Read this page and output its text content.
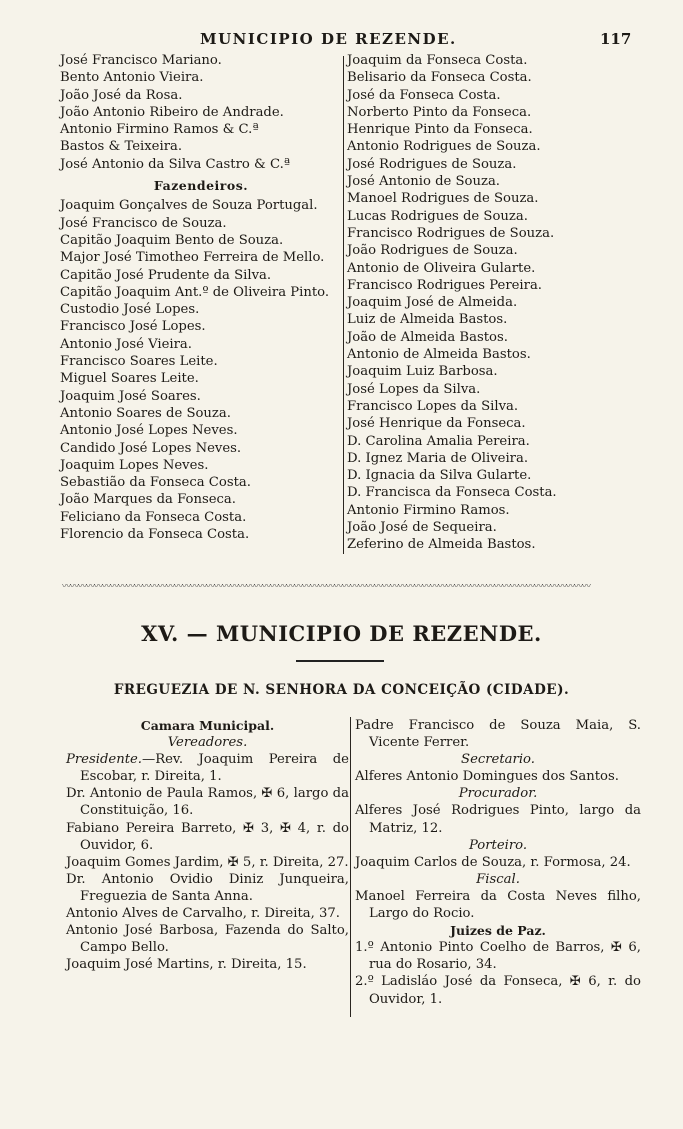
MUNICIPIO DE REZENDE.	117
José Francisco Mariano.
Bento Antonio Vieira.
João José da Rosa.
João Antonio Ribeiro de Andrade.
Antonio Firmino Ramos & C.ª
Bastos & Teixeira.
José Antonio da Silva Castro & C.ª
Fazendeiros.
Joaquim Gonçalves de Souza Portugal.
José Francisco de Souza.
Capitão Joaquim Bento de Souza.
Major José Timotheo Ferreira de Mello.
Capitão José Prudente da Silva.
Capitão Joaquim Ant.º de Oliveira Pinto.
Custodio José Lopes.
Francisco José Lopes.
Antonio José Vieira.
Francisco Soares Leite.
Miguel Soares Leite.
Joaquim José Soares.
Antonio Soares de Souza.
Antonio José Lopes Neves.
Candido José Lopes Neves.
Joaquim Lopes Neves.
Sebastião da Fonseca Costa.
João Marques da Fonseca.
Feliciano da Fonseca Costa.
Florencio da Fonseca Costa.
Joaquim da Fonseca Costa.
Belisario da Fonseca Costa.
José da Fonseca Costa.
Norberto Pinto da Fonseca.
Henrique Pinto da Fonseca.
Antonio Rodrigues de Souza.
José Rodrigues de Souza.
José Antonio de Souza.
Manoel Rodrigues de Souza.
Lucas Rodrigues de Souza.
Francisco Rodrigues de Souza.
João Rodrigues de Souza.
Antonio de Oliveira Gularte.
Francisco Rodrigues Pereira.
Joaquim José de Almeida.
Luiz de Almeida Bastos.
João de Almeida Bastos.
Antonio de Almeida Bastos.
Joaquim Luiz Barbosa.
José Lopes da Silva.
Francisco Lopes da Silva.
José Henrique da Fonseca.
D. Carolina Amalia Pereira.
D. Ignez Maria de Oliveira.
D. Ignacia da Silva Gularte.
D. Francisca da Fonseca Costa.
Antonio Firmino Ramos.
João José de Sequeira.
Zeferino de Almeida Bastos.
〰〰〰〰〰〰〰〰〰〰〰〰〰〰〰〰〰〰〰〰〰〰〰〰〰〰〰〰〰〰〰〰〰〰〰〰〰〰〰〰〰〰〰〰〰〰〰〰〰〰〰〰〰〰〰〰〰〰〰〰〰〰〰〰〰〰
XV. — MUNICIPIO DE REZENDE.
FREGUEZIA DE N. SENHORA DA CONCEIÇÃO (CIDADE).
Camara Municipal.
Vereadores.
Presidente.—Rev. Joaquim Pereira de Escobar, r. Direita, 1.
Dr. Antonio de Paula Ramos, ✠ 6, largo da Constituição, 16.
Fabiano Pereira Barreto, ✠ 3, ✠ 4, r. do Ouvidor, 6.
Joaquim Gomes Jardim, ✠ 5, r. Direita, 27.
Dr. Antonio Ovidio Diniz Junqueira, Freguezia de Santa Anna.
Antonio Alves de Carvalho, r. Direita, 37.
Antonio José Barbosa, Fazenda do Salto, Campo Bello.
Joaquim José Martins, r. Direita, 15.
Padre Francisco de Souza Maia, S. Vicente Ferrer.
Secretario.
Alferes Antonio Domingues dos Santos.
Procurador.
Alferes José Rodrigues Pinto, largo da Matriz, 12.
Porteiro.
Joaquim Carlos de Souza, r. Formosa, 24.
Fiscal.
Manoel Ferreira da Costa Neves filho, Largo do Rocio.
Juizes de Paz.
1.º Antonio Pinto Coelho de Barros, ✠ 6, rua do Rosario, 34.
2.º Ladisláo José da Fonseca, ✠ 6, r. do Ouvidor, 1.
